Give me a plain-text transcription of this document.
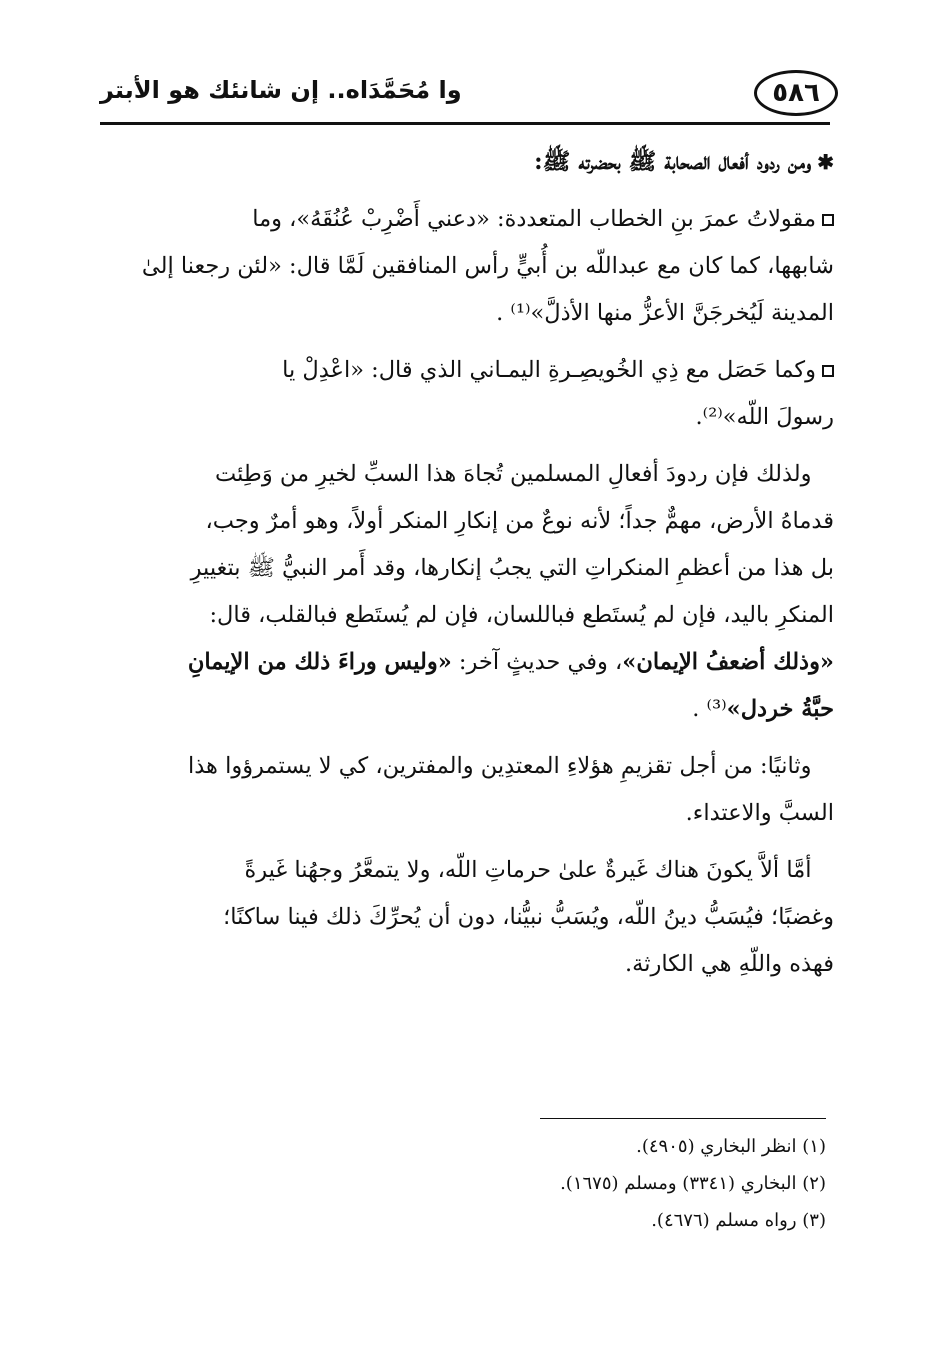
٥٨٦
وا مُحَمَّدَاه.. إن شانئك هو الأبتر

✱ومن ردود أفعال الصحابة ﷺ بحضرته ﷺ:

مقولاتُ عمرَ بنِ الخطاب المتعددة: «دعني أَضْرِبْ عُنُقَهُ»، وما
شابهها، كما كان مع عبداللّه بن أُبيٍّ رأس المنافقين لَمَّا قال: «لئن رجعنا إلىٰ
المدينة لَيُخرجَنَّ الأعزُّ منها الأذلَّ»⁽¹⁾ .

وكما حَصَل مع ذِي الخُويصِـرةِ اليمـاني الذي قال: «اعْدِلْ يا
رسولَ اللّه»⁽²⁾.

 ولذلك فإن ردودَ أفعالِ المسلمين تُجاهَ هذا السبِّ لخيرِ من وَطِئت
قدماهُ الأرض، مهمٌّ جداً؛ لأنه نوعٌ من إنكارِ المنكر أولاً، وهو أمرٌ وجب،
بل هذا من أعظمِ المنكراتِ التي يجبُ إنكارها، وقد أَمر النبيُّ ﷺ بتغييرِ
المنكرِ باليد، فإن لم يُستَطع فباللسان، فإن لم يُستَطع فبالقلب، قال:
«وذلك أضعفُ الإيمان»، وفي حديثٍ آخر: «وليس وراءَ ذلك من الإيمانِ
حبَّةُ خردل»⁽³⁾ .

 وثانيًا: من أجل تقزيمِ هؤلاءِ المعتدِين والمفترين، كي لا يستمرؤوا هذا
السبَّ والاعتداء.

 أمَّا ألاَّ يكونَ هناك غَيرةٌ علىٰ حرماتِ اللّه، ولا يتمعَّرُ وجهُنا غَيرةً
وغضبًا؛ فيُسَبُّ دينُ اللّه، ويُسَبُّ نبيُّنا، دون أن يُحرِّكَ ذلك فينا ساكنًا؛
فهذه واللّهِ هي الكارثة.

(١) انظر البخاري (٤٩٠٥).

(٢) البخاري (٣٣٤١) ومسلم (١٦٧٥).

(٣) رواه مسلم (٤٦٧٦).
